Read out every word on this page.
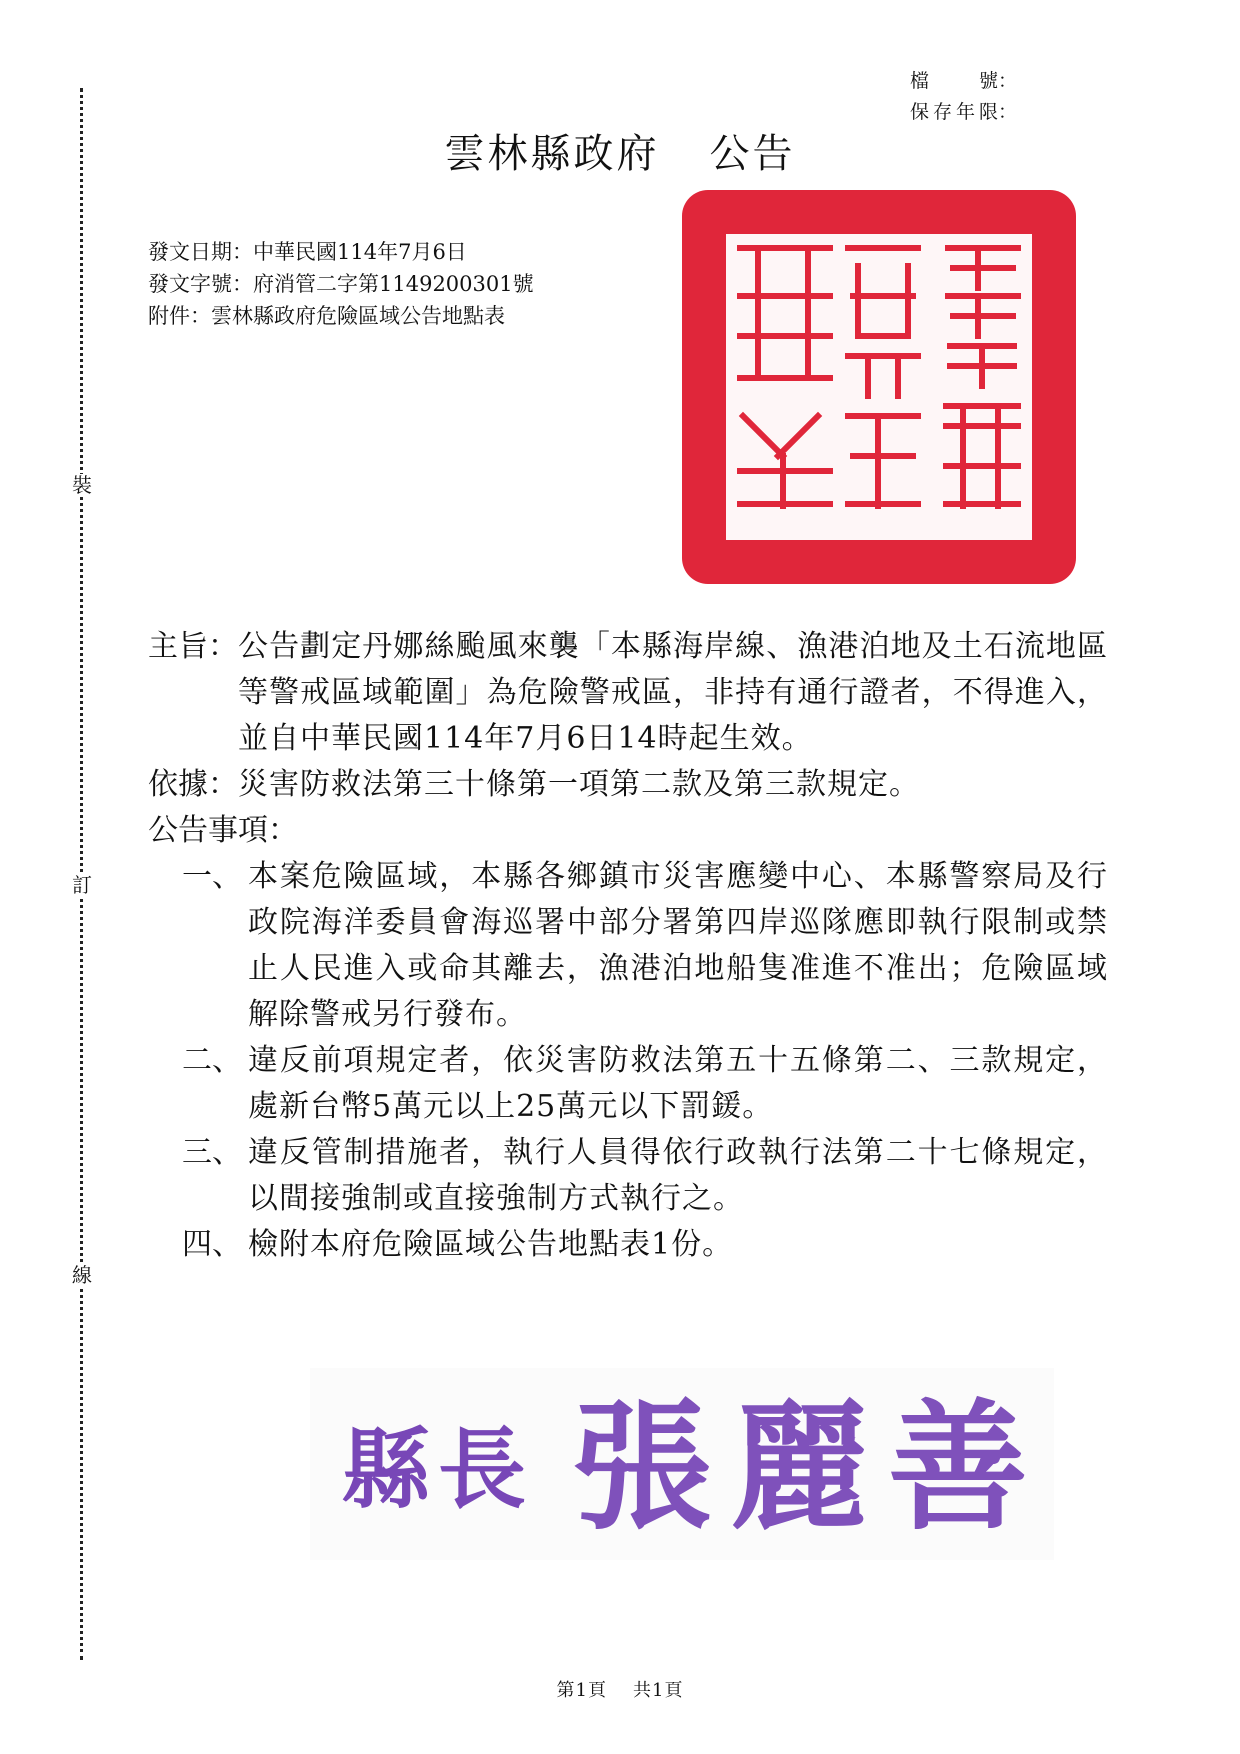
裝
訂
線
檔　號 ：
保存年限 ：
雲林縣政府 公告
發文日期：中華民國114年7月6日
發文字號：府消管二字第1149200301號
附件：雲林縣政府危險區域公告地點表
主旨： 公告劃定丹娜絲颱風來襲「本縣海岸線、漁港泊地及土石流地區等警戒區域範圍」為危險警戒區，非持有通行證者，不得進入，並自中華民國114年7月6日14時起生效。
依據： 災害防救法第三十條第一項第二款及第三款規定。
公告事項：
一、 本案危險區域，本縣各鄉鎮市災害應變中心、本縣警察局及行政院海洋委員會海巡署中部分署第四岸巡隊應即執行限制或禁止人民進入或命其離去，漁港泊地船隻准進不准出；危險區域解除警戒另行發布。
二、 違反前項規定者，依災害防救法第五十五條第二、三款規定，處新台幣5萬元以上25萬元以下罰鍰。
三、 違反管制措施者，執行人員得依行政執行法第二十七條規定，以間接強制或直接強制方式執行之。
四、 檢附本府危險區域公告地點表1份。
縣 長 張 麗 善
第1頁 共1頁
